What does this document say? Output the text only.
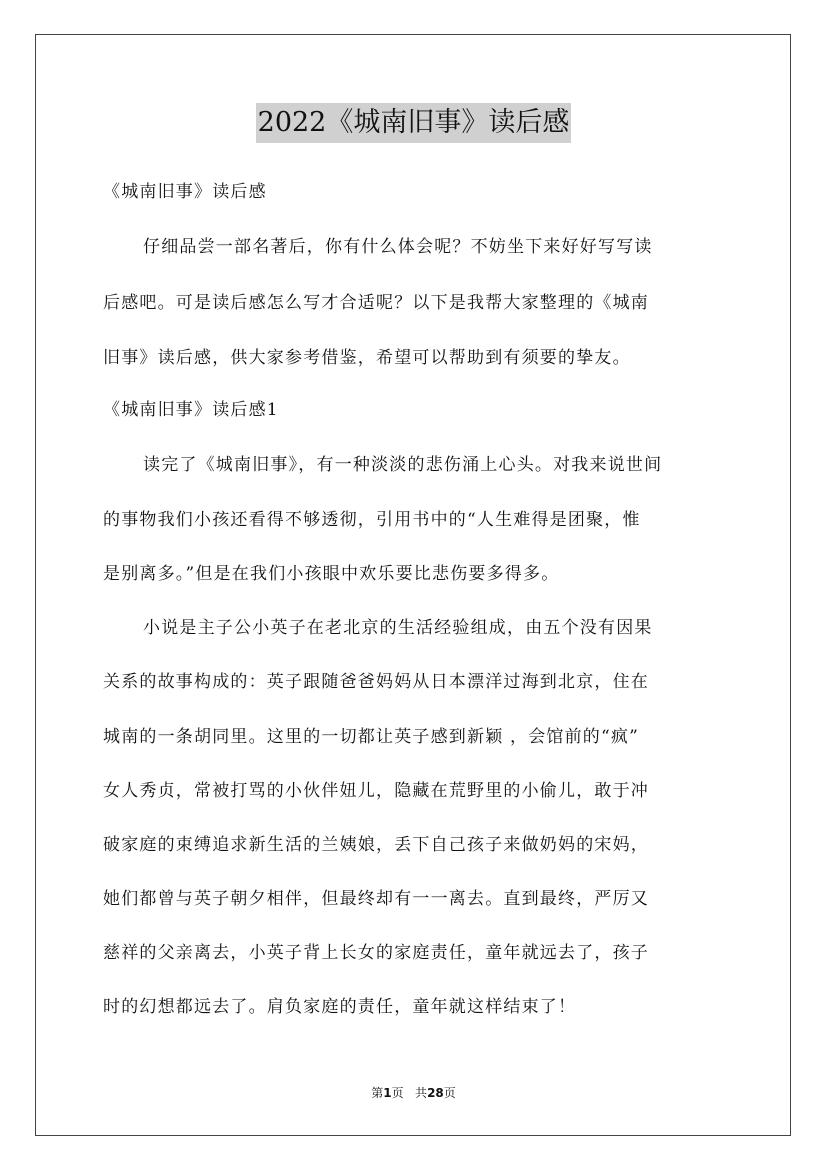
2022《城南旧事》读后感
《城南旧事》读后感
仔细品尝一部名著后，你有什么体会呢？不妨坐下来好好写写读
后感吧。可是读后感怎么写才合适呢？以下是我帮大家整理的《城南
旧事》读后感，供大家参考借鉴，希望可以帮助到有须要的挚友。
《城南旧事》读后感1
读完了《城南旧事》，有一种淡淡的悲伤涌上心头。对我来说世间
的事物我们小孩还看得不够透彻，引用书中的“人生难得是团聚，惟
是别离多。”但是在我们小孩眼中欢乐要比悲伤要多得多。
小说是主子公小英子在老北京的生活经验组成，由五个没有因果
关系的故事构成的：英子跟随爸爸妈妈从日本漂洋过海到北京，住在
城南的一条胡同里。这里的一切都让英子感到新颖 ，会馆前的“疯”
女人秀贞，常被打骂的小伙伴妞儿，隐藏在荒野里的小偷儿，敢于冲
破家庭的束缚追求新生活的兰姨娘，丢下自己孩子来做奶妈的宋妈，
她们都曾与英子朝夕相伴，但最终却有一一离去。直到最终，严厉又
慈祥的父亲离去，小英子背上长女的家庭责任，童年就远去了，孩子
时的幻想都远去了。肩负家庭的责任，童年就这样结束了！
第1页 共28页
